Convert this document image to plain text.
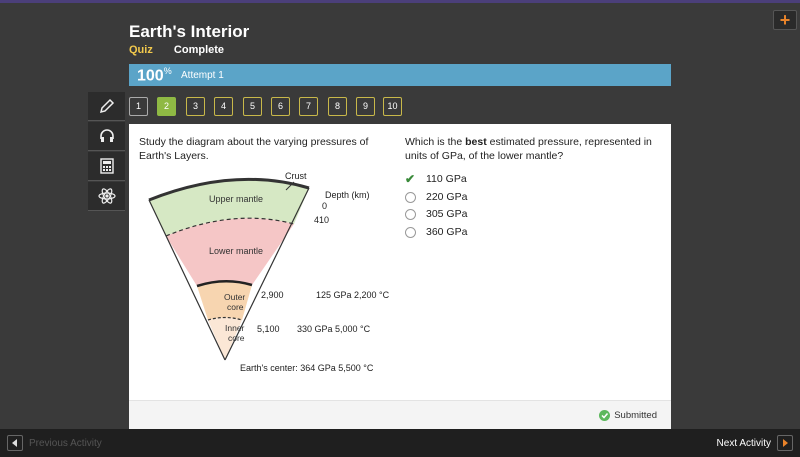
Earth's Interior
Quiz Complete
+
100% Attempt 1
1	2	3	4	5	6	7	8	9	10
Study the diagram about the varying pressures of Earth's Layers.
Crust
Depth (km)
0
410
Upper mantle
Lower mantle
Outer
core
Inner
core
2,900	125 GPa 2,200 °C
5,100 330 GPa 5,000 °C
Earth's center: 364 GPa 5,500 °C
Which is the best estimated pressure, represented in units of GPa, of the lower mantle?
✔ 110 GPa
220 GPa
305 GPa
360 GPa
Submitted
Previous Activity	Next Activity
